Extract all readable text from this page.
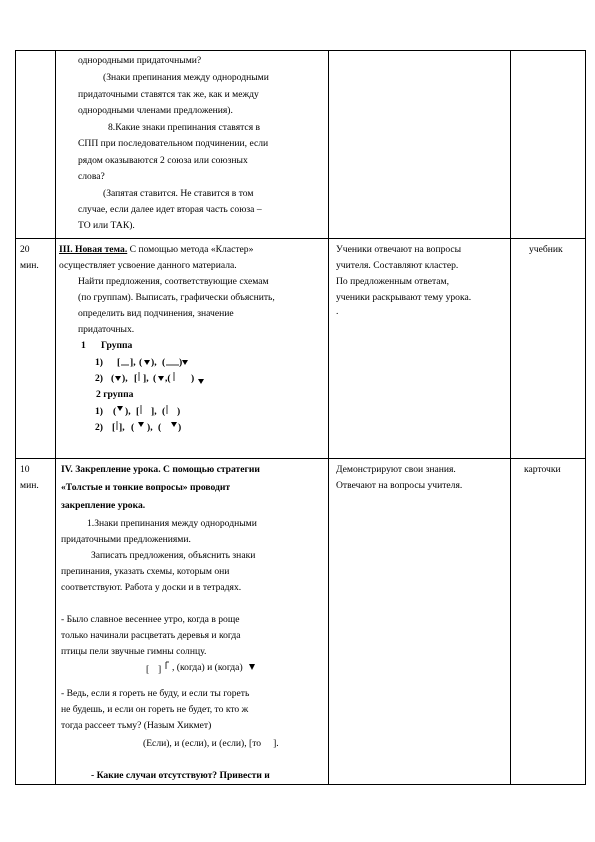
однородными придаточными?
(Знаки препинания между однородными
придаточными ставятся так же, как и между
однородными членами предложения).
8.Какие знаки препинания ставятся в
СПП при последовательном подчинении, если
рядом оказываются 2 союза или союзных
слова?
(Запятая ставится. Не ставится в том
случае, если далее идет вторая часть союза –
ТО или ТАК).
20
мин.
III. Новая тема. С помощью метода «Кластер»
осуществляет усвоение данного материала.
Найти предложения, соответствующие схемам
(по группам). Выписать, графически объяснить,
определить вид подчинения, значение
придаточных.
1 Группа
1) [ ], ( ), ( )
2) ( ), [ ], ( ,( )
2 группа
1) ( ), [ ], ( )
2) [ ], ( ), ( )
Ученики отвечают на вопросы
учителя. Составляют кластер.
По предложенным ответам,
ученики раскрывают тему урока.
.
учебник
10
мин.
IV. Закрепление урока. С помощью стратегии
«Толстые и тонкие вопросы» проводит
закрепление урока.
1.Знаки препинания между однородными
придаточными предложениями.
Записать предложения, объяснить знаки
препинания, указать схемы, которым они
соответствуют. Работа у доски и в тетрадях.
- Было славное весеннее утро, когда в роще
только начинали расцветать деревья и когда
птицы пели звучные гимны солнцу.
[ ] , (когда) и (когда)
- Ведь, если я гореть не буду, и если ты гореть
не будешь, и если он гореть не будет, то кто ж
тогда рассеет тьму? (Назым Хикмет)
(Если), и (если), и (если), [то     ].
- Какие случаи отсутствуют? Привести и
Демонстрируют свои знания.
Отвечают на вопросы учителя.
карточки
